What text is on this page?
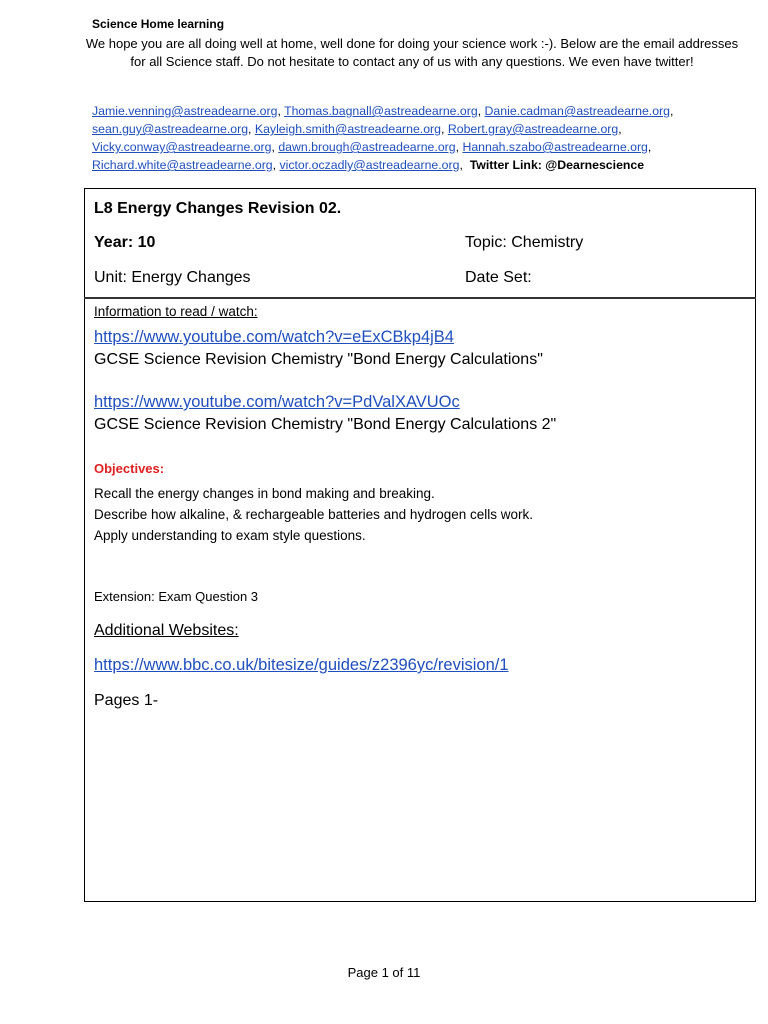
Science Home learning
We hope you are all doing well at home, well done for doing your science work :-). Below are the email addresses for all Science staff. Do not hesitate to contact any of us with any questions. We even have twitter!
Jamie.venning@astreadearne.org, Thomas.bagnall@astreadearne.org, Danie.cadman@astreadearne.org,
sean.guy@astreadearne.org, Kayleigh.smith@astreadearne.org, Robert.gray@astreadearne.org,
Vicky.conway@astreadearne.org, dawn.brough@astreadearne.org, Hannah.szabo@astreadearne.org,
Richard.white@astreadearne.org, victor.oczadly@astreadearne.org,  Twitter Link: @Dearnescience
L8 Energy Changes Revision 02.
Year: 10	Topic: Chemistry
Unit: Energy Changes	Date Set:
Information to read / watch:
https://www.youtube.com/watch?v=eExCBkp4jB4
GCSE Science Revision Chemistry "Bond Energy Calculations"
https://www.youtube.com/watch?v=PdValXAVUOc
GCSE Science Revision Chemistry "Bond Energy Calculations 2"
Objectives:
Recall the energy changes in bond making and breaking.
Describe how alkaline, & rechargeable batteries and hydrogen cells work.
Apply understanding to exam style questions.
Extension: Exam Question 3
Additional Websites:
https://www.bbc.co.uk/bitesize/guides/z2396yc/revision/1
Pages 1-
Page 1 of 11
